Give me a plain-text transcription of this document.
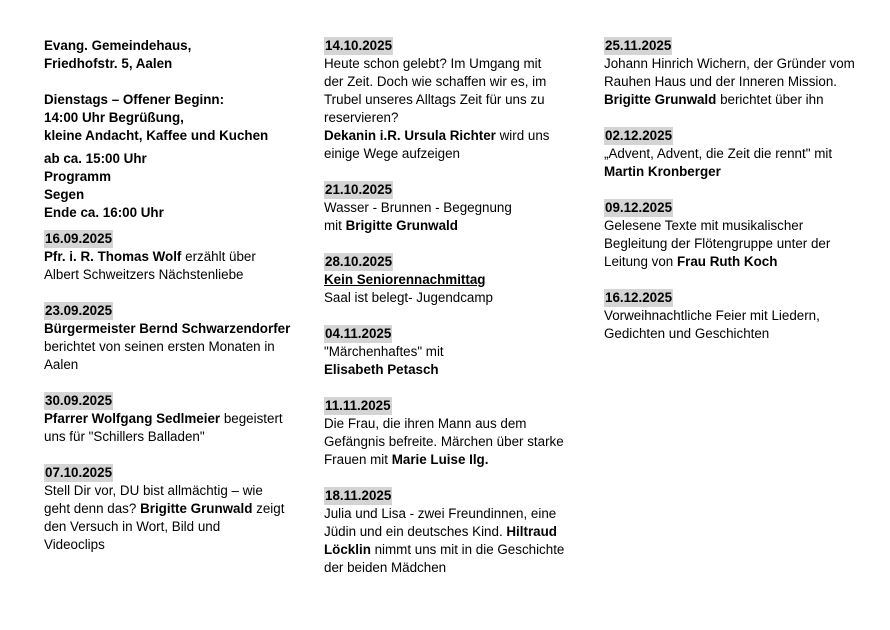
Evang. Gemeindehaus,
Friedhofstr. 5, Aalen
Dienstags – Offener Beginn:
14:00 Uhr Begrüßung,
kleine Andacht, Kaffee und Kuchen
ab ca. 15:00 Uhr
Programm
Segen
Ende ca. 16:00 Uhr
16.09.2025

Pfr. i. R. Thomas Wolf erzählt über

Albert Schweitzers Nächstenliebe

23.09.2025

Bürgermeister Bernd Schwarzendorfer

berichtet von seinen ersten Monaten in

Aalen

30.09.2025

Pfarrer Wolfgang Sedlmeier begeistert

uns für "Schillers Balladen"

07.10.2025

Stell Dir vor, DU bist allmächtig – wie

geht denn das? Brigitte Grunwald zeigt

den Versuch in Wort, Bild und

Videoclips

14.10.2025

Heute schon gelebt? Im Umgang mit

der Zeit. Doch wie schaffen wir es, im

Trubel unseres Alltags Zeit für uns zu

reservieren?

Dekanin i.R. Ursula Richter wird uns

einige Wege aufzeigen

21.10.2025

Wasser - Brunnen - Begegnung

mit Brigitte Grunwald

28.10.2025

Kein Seniorennachmittag

Saal ist belegt- Jugendcamp

04.11.2025

"Märchenhaftes" mit

Elisabeth Petasch

11.11.2025

Die Frau, die ihren Mann aus dem

Gefängnis befreite. Märchen über starke

Frauen mit Marie Luise Ilg.

18.11.2025

Julia und Lisa - zwei Freundinnen, eine

Jüdin und ein deutsches Kind. Hiltraud

Löcklin nimmt uns mit in die Geschichte

der beiden Mädchen

25.11.2025

Johann Hinrich Wichern, der Gründer vom

Rauhen Haus und der Inneren Mission.

Brigitte Grunwald berichtet über ihn

02.12.2025

„Advent, Advent, die Zeit die rennt" mit

Martin Kronberger

09.12.2025

Gelesene Texte mit musikalischer

Begleitung der Flötengruppe unter der

Leitung von Frau Ruth Koch

16.12.2025

Vorweihnachtliche Feier mit Liedern,

Gedichten und Geschichten
